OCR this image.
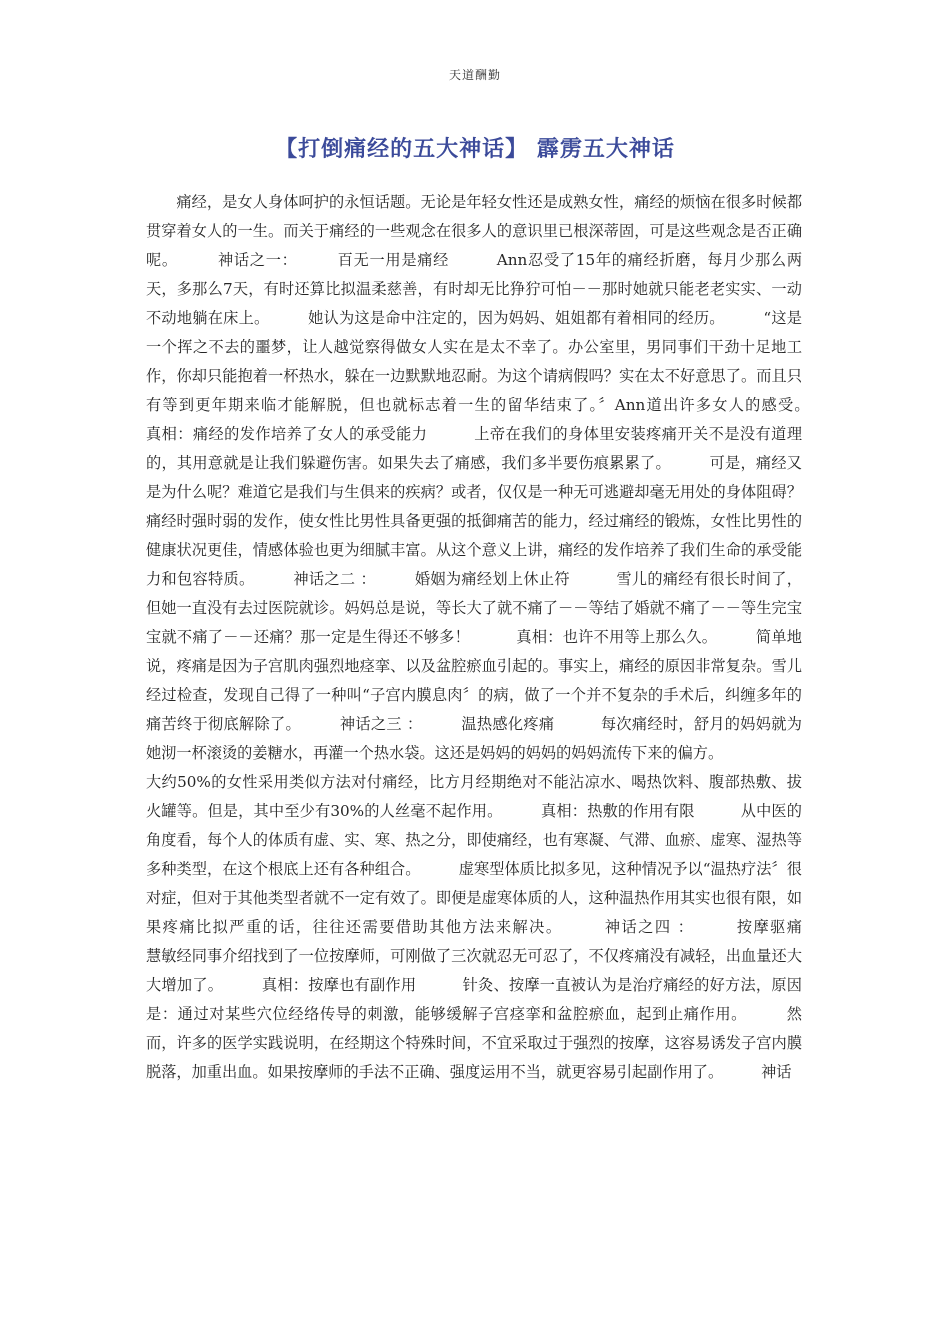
天道酬勤
【打倒痛经的五大神话】 霹雳五大神话

痛经，是女人身体呵护的永恒话题。无论是年轻女性还是成熟女性，痛经的烦恼在很多时候都贯穿着女人的一生。而关于痛经的一些观念在很多人的意识里已根深蒂固，可是这些观念是否正确呢。　　　神话之一：　　　百无一用是痛经　　　Ann忍受了15年的痛经折磨，每月少那么两天，多那么7天，有时还算比拟温柔慈善，有时却无比狰狞可怕－－那时她就只能老老实实、一动不动地躺在床上。　　　她认为这是命中注定的，因为妈妈、姐姐都有着相同的经历。　　　“这是一个挥之不去的噩梦，让人越觉察得做女人实在是太不幸了。办公室里，男同事们干劲十足地工作，你却只能抱着一杯热水，躲在一边默默地忍耐。为这个请病假吗？实在太不好意思了。而且只有等到更年期来临才能解脱，但也就标志着一生的留华结束了。〞Ann道出许多女人的感受。　　　真相：痛经的发作培养了女人的承受能力　　　上帝在我们的身体里安装疼痛开关不是没有道理的，其用意就是让我们躲避伤害。如果失去了痛感，我们多半要伤痕累累了。　　　可是，痛经又是为什么呢？难道它是我们与生俱来的疾病？或者，仅仅是一种无可逃避却毫无用处的身体阻碍？　　　痛经时强时弱的发作，使女性比男性具备更强的抵御痛苦的能力，经过痛经的锻炼，女性比男性的健康状况更佳，情感体验也更为细腻丰富。从这个意义上讲，痛经的发作培养了我们生命的承受能力和包容特质。　　　神话之二 ：　　　婚姻为痛经划上休止符　　　雪儿的痛经有很长时间了，但她一直没有去过医院就诊。妈妈总是说，等长大了就不痛了－－等结了婚就不痛了－－等生完宝宝就不痛了－－还痛？那一定是生得还不够多！　　　真相：也许不用等上那么久。　　　简单地说，疼痛是因为子宫肌肉强烈地痉挛、以及盆腔瘀血引起的。事实上，痛经的原因非常复杂。雪儿经过检查，发现自己得了一种叫“子宫内膜息肉〞的病，做了一个并不复杂的手术后，纠缠多年的痛苦终于彻底解除了。　　　神话之三 ：　　　温热感化疼痛　　　每次痛经时，舒月的妈妈就为她沏一杯滚烫的姜糖水，再灌一个热水袋。这还是妈妈的妈妈的妈妈流传下来的偏方。

大约50%的女性采用类似方法对付痛经，比方月经期绝对不能沾凉水、喝热饮料、腹部热敷、拔火罐等。但是，其中至少有30%的人丝毫不起作用。　　　真相：热敷的作用有限　　　从中医的角度看，每个人的体质有虚、实、寒、热之分，即使痛经，也有寒凝、气滞、血瘀、虚寒、湿热等多种类型，在这个根底上还有各种组合。　　　虚寒型体质比拟多见，这种情况予以“温热疗法〞很对症，但对于其他类型者就不一定有效了。即便是虚寒体质的人，这种温热作用其实也很有限，如果疼痛比拟严重的话，往往还需要借助其他方法来解决。　　　神话之四 ：　　　按摩驱痛　　　慧敏经同事介绍找到了一位按摩师，可刚做了三次就忍无可忍了，不仅疼痛没有减轻，出血量还大大增加了。　　　真相：按摩也有副作用　　　针灸、按摩一直被认为是治疗痛经的好方法，原因是：通过对某些穴位经络传导的刺激，能够缓解子宫痉挛和盆腔瘀血，起到止痛作用。　　　然而，许多的医学实践说明，在经期这个特殊时间，不宜采取过于强烈的按摩，这容易诱发子宫内膜脱落，加重出血。如果按摩师的手法不正确、强度运用不当，就更容易引起副作用了。　　　神话
